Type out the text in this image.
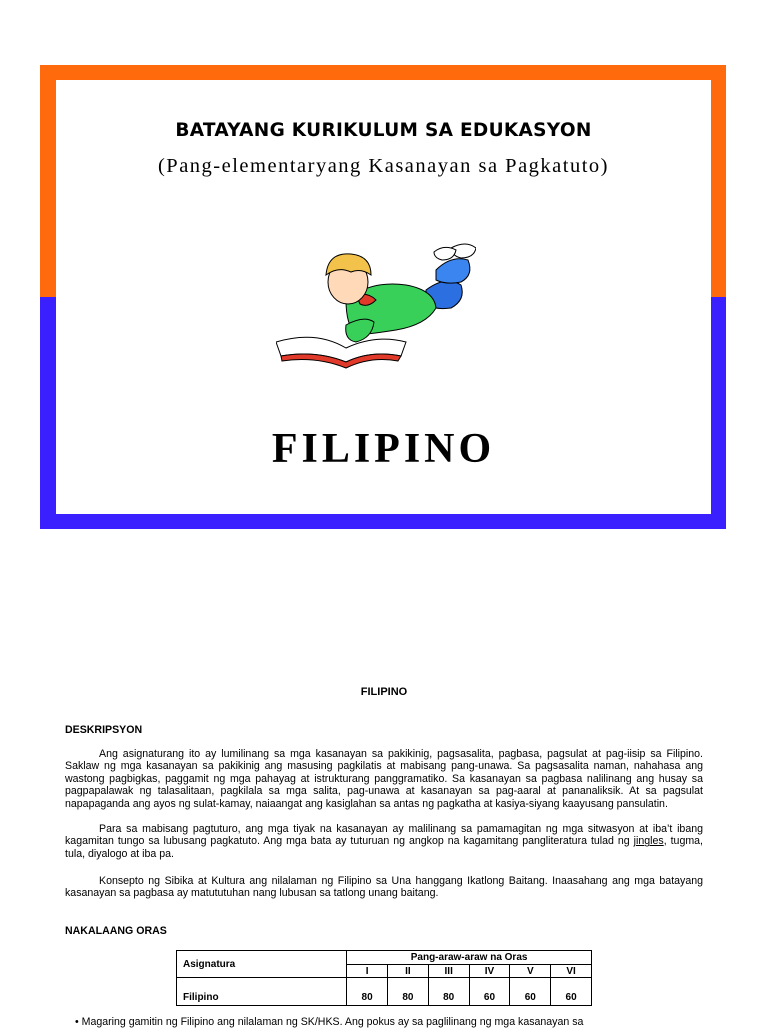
BATAYANG KURIKULUM SA EDUKASYON
(Pang-elementaryang Kasanayan sa Pagkatuto)
FILIPINO
FILIPINO
DESKRIPSYON

Ang asignaturang ito ay lumilinang sa mga kasanayan sa pakikinig, pagsasalita, pagbasa, pagsulat at pag-iisip sa Filipino. Saklaw ng mga kasanayan sa pakikinig ang masusing pagkilatis at mabisang pang-unawa. Sa pagsasalita naman, nahahasa ang wastong pagbigkas, paggamit ng mga pahayag at istrukturang panggramatiko. Sa kasanayan sa pagbasa nalilinang ang husay sa pagpapalawak ng talasalitaan, pagkilala sa mga salita, pag-unawa at kasanayan sa pag-aaral at pananaliksik. At sa pagsulat napapaganda ang ayos ng sulat-kamay, naiaangat ang kasiglahan sa antas ng pagkatha at kasiya-siyang kaayusang pansulatin.

Para sa mabisang pagtuturo, ang mga tiyak na kasanayan ay malilinang sa pamamagitan ng mga sitwasyon at iba’t ibang kagamitan tungo sa lubusang pagkatuto. Ang mga bata ay tuturuan ng angkop na kagamitang pangliteratura tulad ng jingles, tugma, tula, diyalogo at iba pa.

Konsepto ng Sibika at Kultura ang nilalaman ng Filipino sa Una hanggang Ikatlong Baitang. Inaasahang ang mga batayang kasanayan sa pagbasa ay matututuhan nang lubusan sa tatlong unang baitang.

NAKALAANG ORAS
Asignatura	Pang-araw-araw na Oras					
	I	II	III	IV	V	VI
Filipino	80	80	80	60	60	60
• Magaring gamitin ng Filipino ang nilalaman ng SK/HKS. Ang pokus ay sa paglilinang ng mga kasanayan sa
